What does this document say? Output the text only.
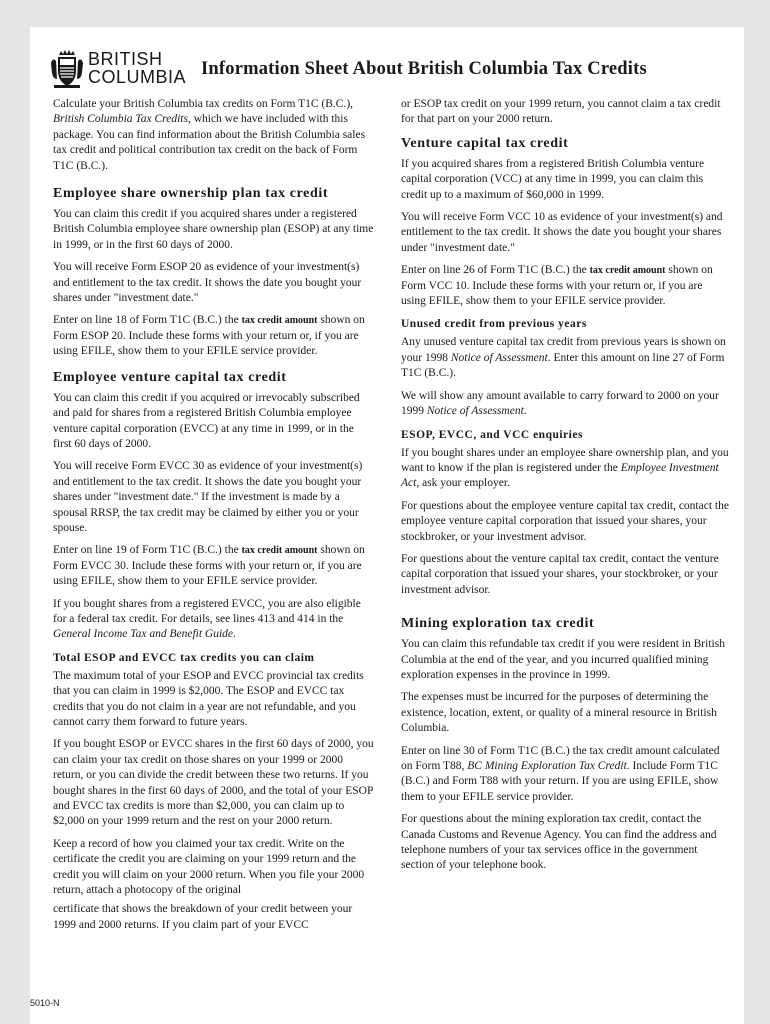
BRITISH
COLUMBIA Information Sheet About British Columbia Tax Credits

Calculate your British Columbia tax credits on Form T1C (B.C.), British Columbia Tax Credits, which we have included with this package. You can find information about the British Columbia sales tax credit and political contribution tax credit on the back of Form T1C (B.C.).

Employee share ownership plan tax credit

You can claim this credit if you acquired shares under a registered British Columbia employee share ownership plan (ESOP) at any time in 1999, or in the first 60 days of 2000.

You will receive Form ESOP 20 as evidence of your investment(s) and entitlement to the tax credit. It shows the date you bought your shares under "investment date."

Enter on line 18 of Form T1C (B.C.) the tax credit amount shown on Form ESOP 20. Include these forms with your return or, if you are using EFILE, show them to your EFILE service provider.

Employee venture capital tax credit

You can claim this credit if you acquired or irrevocably subscribed and paid for shares from a registered British Columbia employee venture capital corporation (EVCC) at any time in 1999, or in the first 60 days of 2000.

You will receive Form EVCC 30 as evidence of your investment(s) and entitlement to the tax credit. It shows the date you bought your shares under "investment date." If the investment is made by a spousal RRSP, the tax credit may be claimed by either you or your spouse.

Enter on line 19 of Form T1C (B.C.) the tax credit amount shown on Form EVCC 30. Include these forms with your return or, if you are using EFILE, show them to your EFILE service provider.

If you bought shares from a registered EVCC, you are also eligible for a federal tax credit. For details, see lines 413 and 414 in the General Income Tax and Benefit Guide.

Total ESOP and EVCC tax credits you can claim

The maximum total of your ESOP and EVCC provincial tax credits that you can claim in 1999 is $2,000. The ESOP and EVCC tax credits that you do not claim in a year are not refundable, and you cannot carry them forward to future years.

If you bought ESOP or EVCC shares in the first 60 days of 2000, you can claim your tax credit on those shares on your 1999 or 2000 return, or you can divide the credit between these two returns. If you bought shares in the first 60 days of 2000, and the total of your ESOP and EVCC tax credits is more than $2,000, you can claim up to $2,000 on your 1999 return and the rest on your 2000 return.

Keep a record of how you claimed your tax credit. Write on the certificate the credit you are claiming on your 1999 return and the credit you will claim on your 2000 return. When you file your 2000 return, attach a photocopy of the original

certificate that shows the breakdown of your credit between your 1999 and 2000 returns. If you claim part of your EVCC

or ESOP tax credit on your 1999 return, you cannot claim a tax credit for that part on your 2000 return.

Venture capital tax credit

If you acquired shares from a registered British Columbia venture capital corporation (VCC) at any time in 1999, you can claim this credit up to a maximum of $60,000 in 1999.

You will receive Form VCC 10 as evidence of your investment(s) and entitlement to the tax credit. It shows the date you bought your shares under "investment date."

Enter on line 26 of Form T1C (B.C.) the tax credit amount shown on Form VCC 10. Include these forms with your return or, if you are using EFILE, show them to your EFILE service provider.

Unused credit from previous years

Any unused venture capital tax credit from previous years is shown on your 1998 Notice of Assessment. Enter this amount on line 27 of Form T1C (B.C.).

We will show any amount available to carry forward to 2000 on your 1999 Notice of Assessment.

ESOP, EVCC, and VCC enquiries

If you bought shares under an employee share ownership plan, and you want to know if the plan is registered under the Employee Investment Act, ask your employer.

For questions about the employee venture capital tax credit, contact the employee venture capital corporation that issued your shares, your stockbroker, or your investment advisor.

For questions about the venture capital tax credit, contact the venture capital corporation that issued your shares, your stockbroker, or your investment advisor.

Mining exploration tax credit

You can claim this refundable tax credit if you were resident in British Columbia at the end of the year, and you incurred qualified mining exploration expenses in the province in 1999.

The expenses must be incurred for the purposes of determining the existence, location, extent, or quality of a mineral resource in British Columbia.

Enter on line 30 of Form T1C (B.C.) the tax credit amount calculated on Form T88, BC Mining Exploration Tax Credit. Include Form T1C (B.C.) and Form T88 with your return. If you are using EFILE, show them to your EFILE service provider.

For questions about the mining exploration tax credit, contact the Canada Customs and Revenue Agency. You can find the address and telephone numbers of your tax services office in the government section of your telephone book.

5010-N
